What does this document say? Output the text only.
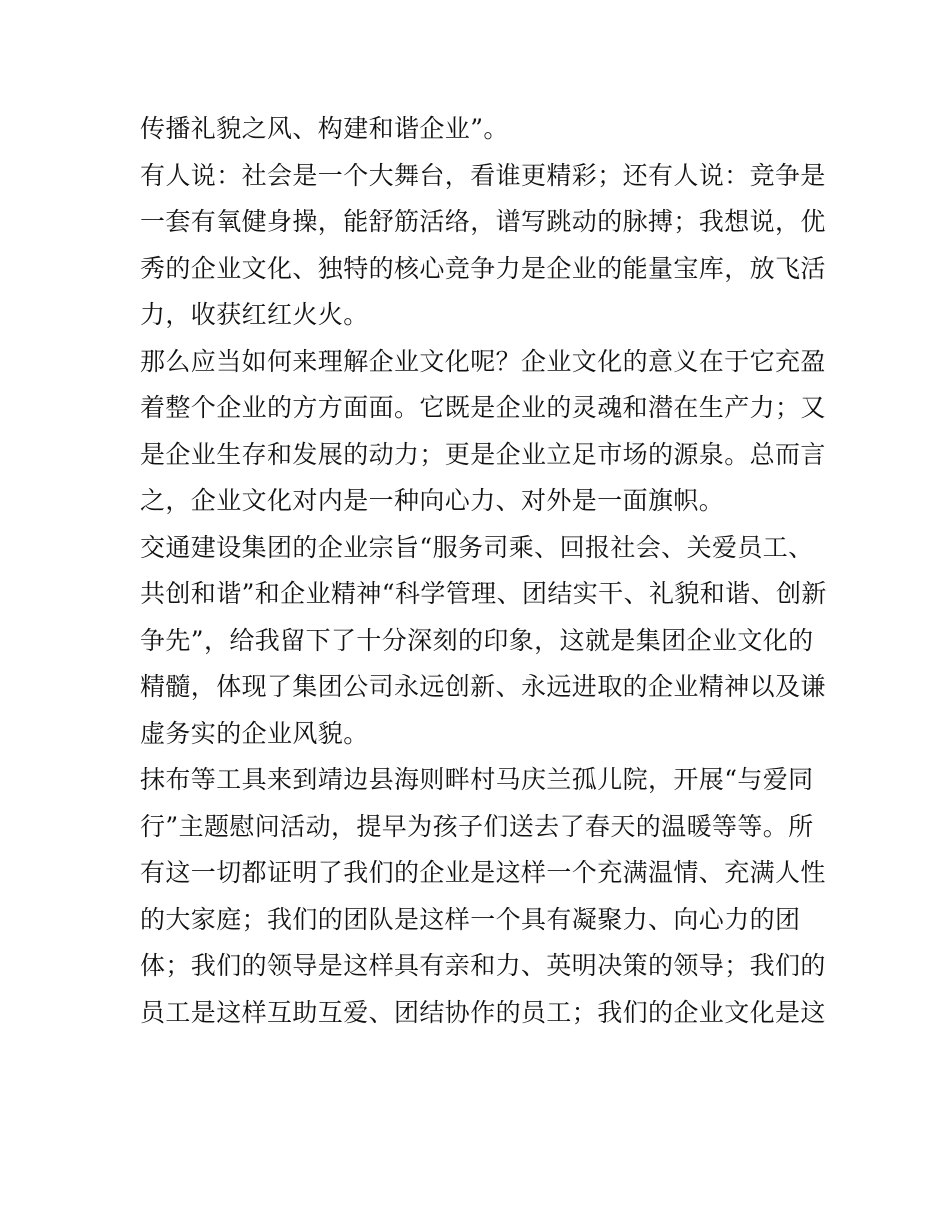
传播礼貌之风、构建和谐企业”。
有人说：社会是一个大舞台，看谁更精彩；还有人说：竞争是
一套有氧健身操，能舒筋活络，谱写跳动的脉搏；我想说，优
秀的企业文化、独特的核心竞争力是企业的能量宝库，放飞活
力，收获红红火火。
那么应当如何来理解企业文化呢？企业文化的意义在于它充盈
着整个企业的方方面面。它既是企业的灵魂和潜在生产力；又
是企业生存和发展的动力；更是企业立足市场的源泉。总而言
之，企业文化对内是一种向心力、对外是一面旗帜。
交通建设集团的企业宗旨“服务司乘、回报社会、关爱员工、
共创和谐”和企业精神“科学管理、团结实干、礼貌和谐、创新
争先”，给我留下了十分深刻的印象，这就是集团企业文化的
精髓，体现了集团公司永远创新、永远进取的企业精神以及谦
虚务实的企业风貌。
抹布等工具来到靖边县海则畔村马庆兰孤儿院，开展“与爱同
行”主题慰问活动，提早为孩子们送去了春天的温暖等等。所
有这一切都证明了我们的企业是这样一个充满温情、充满人性
的大家庭；我们的团队是这样一个具有凝聚力、向心力的团
体；我们的领导是这样具有亲和力、英明决策的领导；我们的
员工是这样互助互爱、团结协作的员工；我们的企业文化是这
